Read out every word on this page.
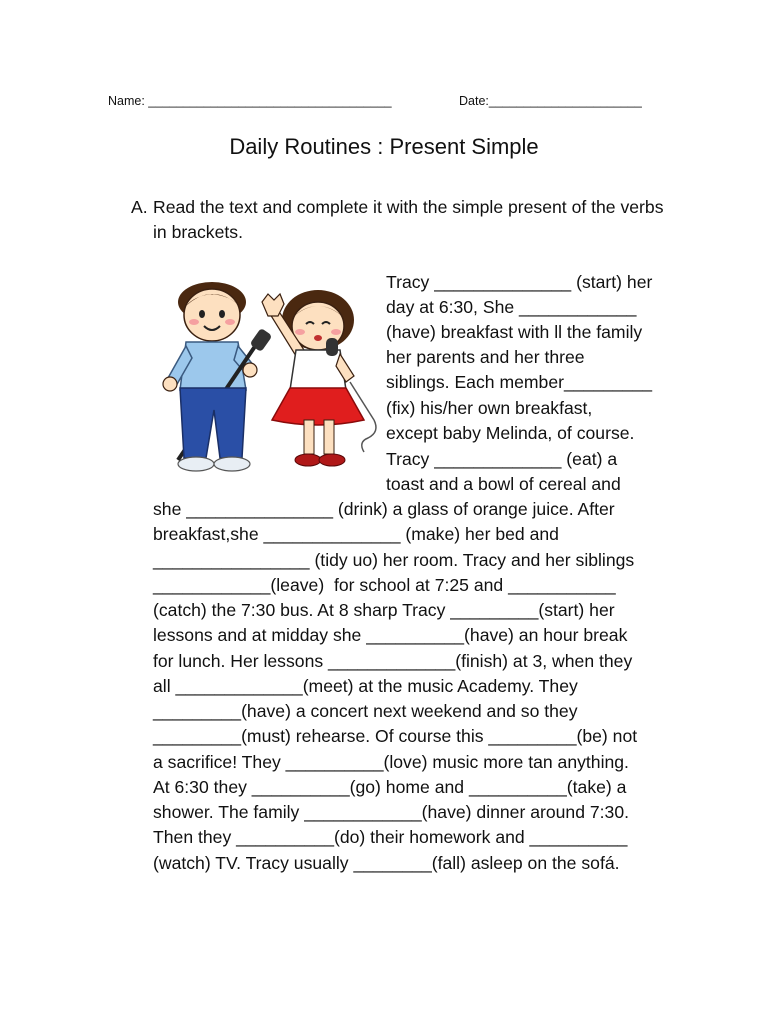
Name: ___________________________________	Date:______________________
Daily Routines : Present Simple
A. Read the text and complete it with the simple present of the verbs in brackets.
Tracy ______________ (start) her
day at 6:30, She ____________
(have) breakfast with ll the family
her parents and her three
siblings. Each member_________
(fix) his/her own breakfast,
except baby Melinda, of course.
Tracy _____________ (eat) a
toast and a bowl of cereal and
she _______________ (drink) a glass of orange juice. After
breakfast,she ______________ (make) her bed and
________________ (tidy uo) her room. Tracy and her siblings
____________(leave)  for school at 7:25 and ___________
(catch) the 7:30 bus. At 8 sharp Tracy _________(start) her
lessons and at midday she __________(have) an hour break
for lunch. Her lessons _____________(finish) at 3, when they
all _____________(meet) at the music Academy. They
_________(have) a concert next weekend and so they
_________(must) rehearse. Of course this _________(be) not
a sacrifice! They __________(love) music more tan anything.
At 6:30 they __________(go) home and __________(take) a
shower. The family ____________(have) dinner around 7:30.
Then they __________(do) their homework and __________
(watch) TV. Tracy usually ________(fall) asleep on the sofá.
